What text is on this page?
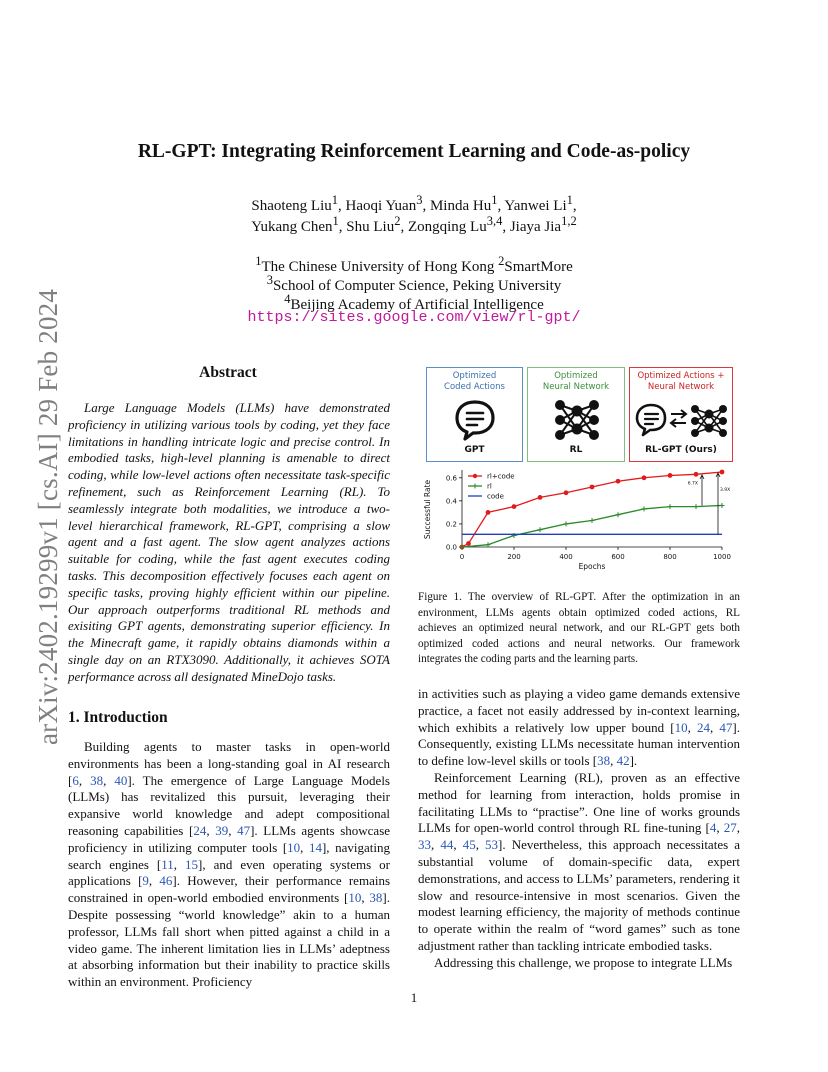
arXiv:2402.19299v1 [cs.AI] 29 Feb 2024
RL-GPT: Integrating Reinforcement Learning and Code-as-policy
Shaoteng Liu$^1$, Haoqi Yuan$^3$, Minda Hu$^1$, Yanwei Li$^1$,
Yukang Chen$^1$, Shu Liu$^2$, Zongqing Lu$^{3,4}$, Jiaya Jia$^{1,2}$
$^1$The Chinese University of Hong Kong $^2$SmartMore
$^3$School of Computer Science, Peking University
$^4$Beijing Academy of Artificial Intelligence
https://sites.google.com/view/rl-gpt/
Abstract

Large Language Models (LLMs) have demonstrated proficiency in utilizing various tools by coding, yet they face limitations in handling intricate logic and precise control. In embodied tasks, high-level planning is amenable to direct coding, while low-level actions often necessitate task-specific refinement, such as Reinforcement Learning (RL). To seamlessly integrate both modalities, we introduce a two-level hierarchical framework, RL-GPT, comprising a slow agent and a fast agent. The slow agent analyzes actions suitable for coding, while the fast agent executes coding tasks. This decomposition effectively focuses each agent on specific tasks, proving highly efficient within our pipeline. Our approach outperforms traditional RL methods and exisiting GPT agents, demonstrating superior efficiency. In the Minecraft game, it rapidly obtains diamonds within a single day on an RTX3090. Additionally, it achieves SOTA performance across all designated MineDojo tasks.

1. Introduction

Building agents to master tasks in open-world environments has been a long-standing goal in AI research [6, 38, 40]. The emergence of Large Language Models (LLMs) has revitalized this pursuit, leveraging their expansive world knowledge and adept compositional reasoning capabilities [24, 39, 47]. LLMs agents showcase proficiency in utilizing computer tools [10, 14], navigating search engines [11, 15], and even operating systems or applications [9, 46]. However, their performance remains constrained in open-world embodied environments [10, 38]. Despite possessing “world knowledge” akin to a human professor, LLMs fall short when pitted against a child in a video game. The inherent limitation lies in LLMs’ adeptness at absorbing information but their inability to practice skills within an environment. Proficiency

Optimized
Coded Actions
GPT
Optimized
Neural Network
RL
Optimized Actions +
Neural Network
RL-GPT (Ours)
0	200	400	600	800	1000
0.0
0.2
0.4
0.6
Epochs
Successful Rate
rl+code
rl
code
6.7X
3.9X
Figure 1. The overview of RL-GPT. After the optimization in an environment, LLMs agents obtain optimized coded actions, RL achieves an optimized neural network, and our RL-GPT gets both optimized coded actions and neural networks. Our framework integrates the coding parts and the learning parts.

in activities such as playing a video game demands extensive practice, a facet not easily addressed by in-context learning, which exhibits a relatively low upper bound [10, 24, 47]. Consequently, existing LLMs necessitate human intervention to define low-level skills or tools [38, 42].

Reinforcement Learning (RL), proven as an effective method for learning from interaction, holds promise in facilitating LLMs to “practise”. One line of works grounds LLMs for open-world control through RL fine-tuning [4, 27, 33, 44, 45, 53]. Nevertheless, this approach necessitates a substantial volume of domain-specific data, expert demonstrations, and access to LLMs’ parameters, rendering it slow and resource-intensive in most scenarios. Given the modest learning efficiency, the majority of methods continue to operate within the realm of “word games” such as tone adjustment rather than tackling intricate embodied tasks.

Addressing this challenge, we propose to integrate LLMs

1
